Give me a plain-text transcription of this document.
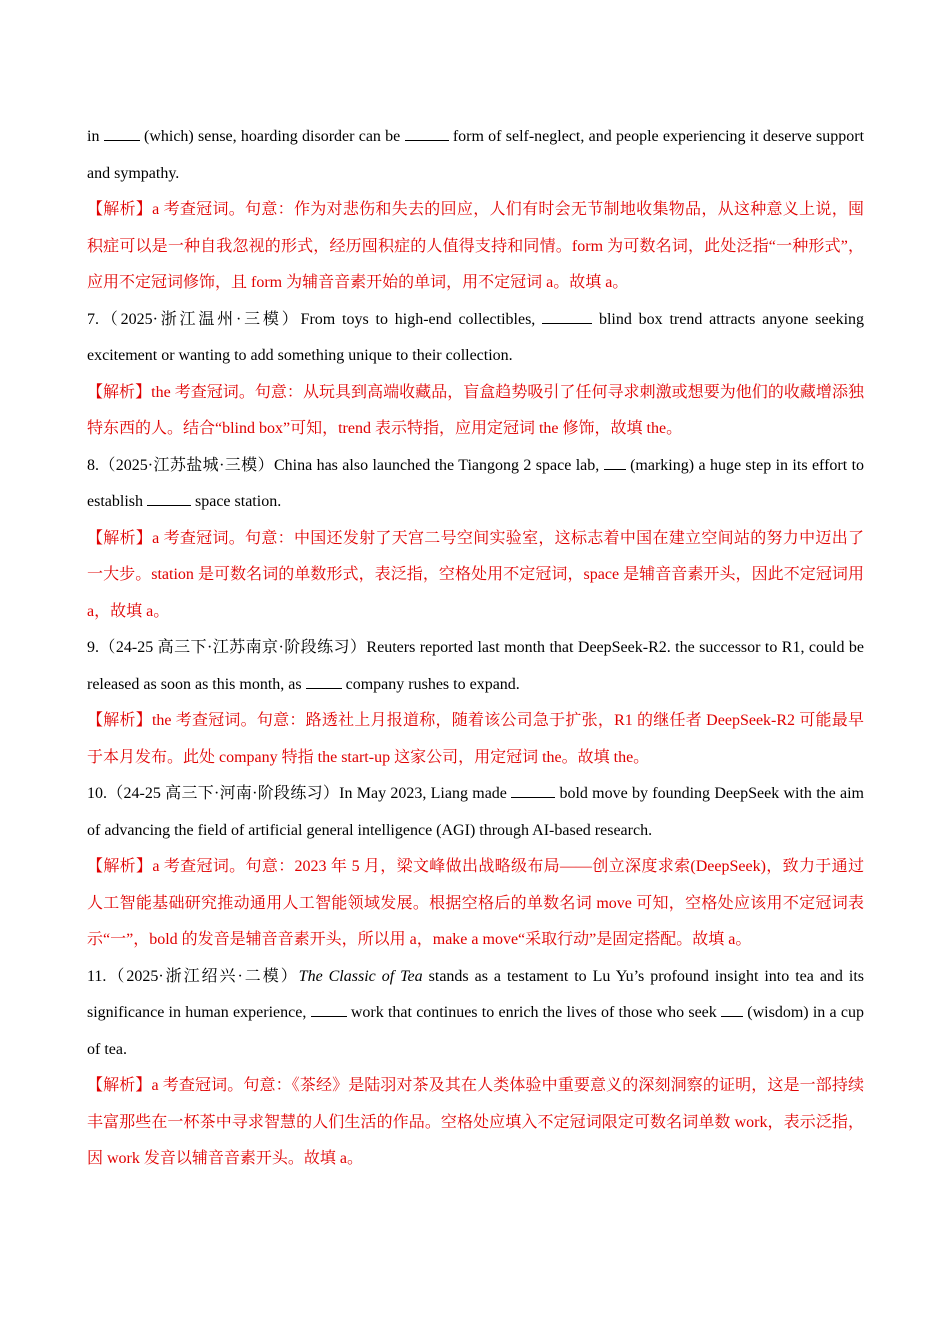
in	(which) sense, hoarding disorder can be	form of self-neglect, and people experiencing it deserve support and sympathy.

【解析】a 考查冠词。句意：作为对悲伤和失去的回应，人们有时会无节制地收集物品，从这种意义上说，囤积症可以是一种自我忽视的形式，经历囤积症的人值得支持和同情。form 为可数名词，此处泛指“一种形式”，应用不定冠词修饰，且 form 为辅音音素开始的单词，用不定冠词 a。故填 a。

7.（2025·浙江温州·三模）From toys to high-end collectibles,	blind box trend attracts anyone seeking excitement or wanting to add something unique to their collection.

【解析】the 考查冠词。句意：从玩具到高端收藏品，盲盒趋势吸引了任何寻求刺激或想要为他们的收藏增添独特东西的人。结合“blind box”可知，trend 表示特指，应用定冠词 the 修饰，故填 the。

8.（2025·江苏盐城·三模）China has also launched the Tiangong 2 space lab, (marking) a huge step in its effort to establish	space station.

【解析】a 考查冠词。句意：中国还发射了天宫二号空间实验室，这标志着中国在建立空间站的努力中迈出了一大步。station 是可数名词的单数形式，表泛指，空格处用不定冠词，space 是辅音音素开头，因此不定冠词用 a，故填 a。

9.（24-25 高三下·江苏南京·阶段练习）Reuters reported last month that DeepSeek-R2. the successor to R1, could be released as soon as this month, as	company rushes to expand.

【解析】the 考查冠词。句意：路透社上月报道称，随着该公司急于扩张，R1 的继任者 DeepSeek-R2 可能最早于本月发布。此处 company 特指 the start-up 这家公司，用定冠词 the。故填 the。

10.（24-25 高三下·河南·阶段练习）In May 2023, Liang made	bold move by founding DeepSeek with the aim of advancing the field of artificial general intelligence (AGI) through AI-based research.

【解析】a 考查冠词。句意：2023 年 5 月，梁文峰做出战略级布局——创立深度求索(DeepSeek)，致力于通过人工智能基础研究推动通用人工智能领域发展。根据空格后的单数名词 move 可知，空格处应该用不定冠词表示“一”，bold 的发音是辅音音素开头，所以用 a，make a move“采取行动”是固定搭配。故填 a。

11.（2025·浙江绍兴·二模）The Classic of Tea stands as a testament to Lu Yu’s profound insight into tea and its significance in human experience,	work that continues to enrich the lives of those who seek (wisdom) in a cup of tea.

【解析】a 考查冠词。句意：《茶经》是陆羽对茶及其在人类体验中重要意义的深刻洞察的证明，这是一部持续丰富那些在一杯茶中寻求智慧的人们生活的作品。空格处应填入不定冠词限定可数名词单数 work，表示泛指，因 work 发音以辅音音素开头。故填 a。
